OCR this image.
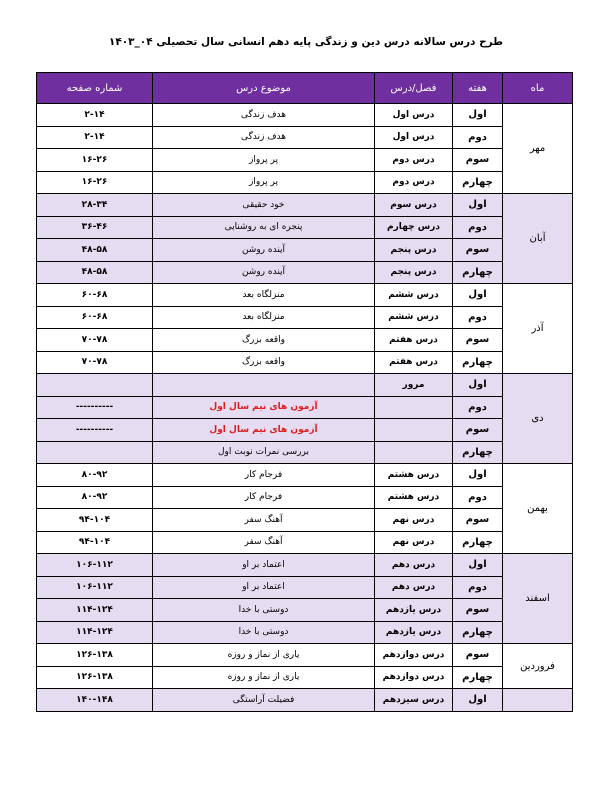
طرح درس سالانه درس دین و زندگی پایه دهم انسانی سال تحصیلی ۰۴_۱۴۰۳
ماه	هفته	فصل/درس	موضوع درس	شماره صفحه
مهر	اول	درس اول	هدف زندگی	۲-۱۴
	دوم	درس اول	هدف زندگی	۲-۱۴
	سوم	درس دوم	پر پرواز	۱۶-۲۶
	چهارم	درس دوم	پر پرواز	۱۶-۲۶
آبان	اول	درس سوم	خود حقیقی	۲۸-۳۴
	دوم	درس چهارم	پنجره ای به روشنایی	۳۶-۴۶
	سوم	درس پنجم	آینده روشن	۴۸-۵۸
	چهارم	درس پنجم	آینده روشن	۴۸-۵۸
آذر	اول	درس ششم	منزلگاه بعد	۶۰-۶۸
	دوم	درس ششم	منزلگاه بعد	۶۰-۶۸
	سوم	درس هفتم	واقعه بزرگ	۷۰-۷۸
	چهارم	درس هفتم	واقعه بزرگ	۷۰-۷۸
دی	اول	مرور		
	دوم		آزمون های نیم سال اول	----------
	سوم		آزمون های نیم سال اول	----------
	چهارم		بررسی نمرات نوبت اول	
بهمن	اول	درس هشتم	فرجام کار	۸۰-۹۲
	دوم	درس هشتم	فرجام کار	۸۰-۹۲
	سوم	درس نهم	آهنگ سفر	۹۴-۱۰۴
	چهارم	درس نهم	آهنگ سفر	۹۴-۱۰۴
اسفند	اول	درس دهم	اعتماد بر او	۱۰۶-۱۱۲
	دوم	درس دهم	اعتماد بر او	۱۰۶-۱۱۲
	سوم	درس یازدهم	دوستی با خدا	۱۱۴-۱۲۴
	چهارم	درس یازدهم	دوستی با خدا	۱۱۴-۱۲۴
فروردین	سوم	درس دوازدهم	یاری از نماز و روزه	۱۲۶-۱۳۸
	چهارم	درس دوازدهم	یاری از نماز و روزه	۱۲۶-۱۳۸
	اول	درس سیزدهم	فضیلت آراستگی	۱۴۰-۱۴۸
